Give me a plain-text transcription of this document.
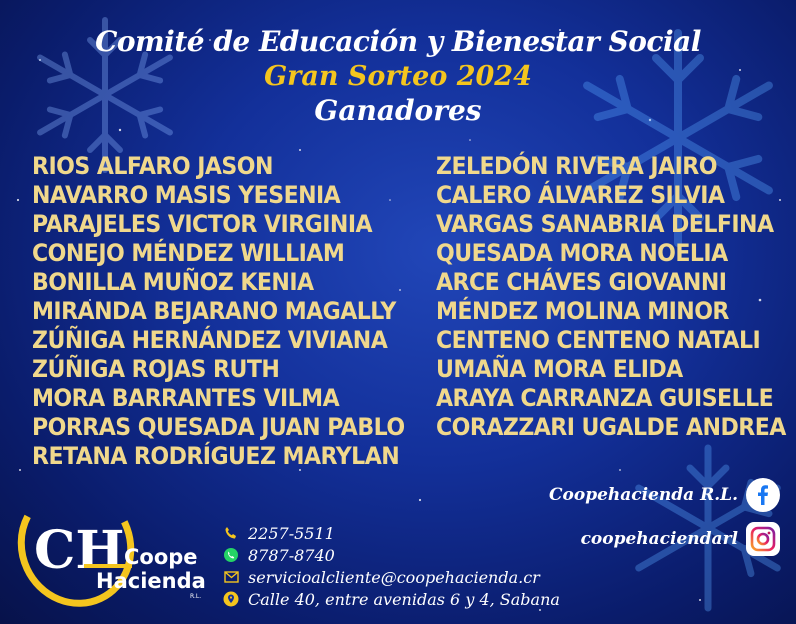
Comité de Educación y Bienestar Social
Gran Sorteo 2024
Ganadores
RIOS ALFARO JASON
NAVARRO MASIS YESENIA
PARAJELES VICTOR VIRGINIA
CONEJO MÉNDEZ WILLIAM
BONILLA MUÑOZ KENIA
MIRANDA BEJARANO MAGALLY
ZÚÑIGA HERNÁNDEZ VIVIANA
ZÚÑIGA ROJAS RUTH
MORA BARRANTES VILMA
PORRAS QUESADA JUAN PABLO
RETANA RODRÍGUEZ MARYLAN
ZELEDÓN RIVERA JAIRO
CALERO ÁLVAREZ SILVIA
VARGAS SANABRIA DELFINA
QUESADA MORA NOELIA
ARCE CHÁVES GIOVANNI
MÉNDEZ MOLINA MINOR
CENTENO CENTENO NATALI
UMAÑA MORA ELIDA
ARAYA CARRANZA GUISELLE
CORAZZARI UGALDE ANDREA
Coopehacienda R.L.
coopehaciendarl
2257-5511
8787-8740
servicioalcliente@coopehacienda.cr
Calle 40, entre avenidas 6 y 4, Sabana
CH Coope
Hacienda
R.L.
